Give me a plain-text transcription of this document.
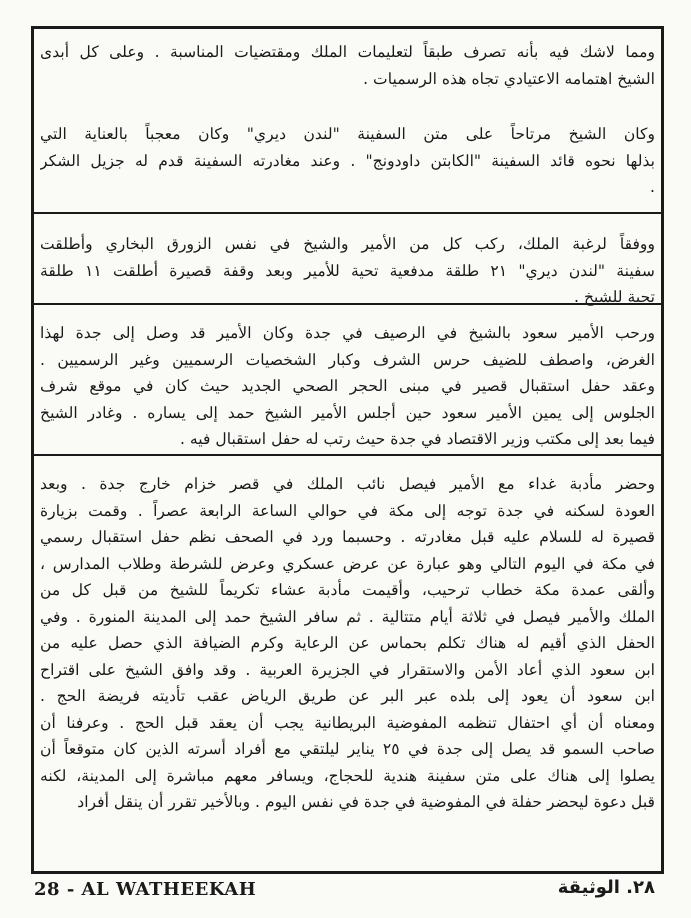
ومما لاشك فيه بأنه تصرف طبقاً لتعليمات الملك ومقتضيات المناسبة . وعلى كل أبدى
الشيخ اهتمامه الاعتيادي تجاه هذه الرسميات .
وكان الشيخ مرتاحاً على متن السفينة "لندن ديري" وكان معجباً بالعناية التي
بذلها نحوه قائد السفينة "الكابتن داودونج" . وعند مغادرته السفينة قدم له جزيل الشكر
.
ووفقاً لرغبة الملك، ركب كل من الأمير والشيخ في نفس الزورق البخاري وأطلقت
سفينة "لندن ديري" ٢١ طلقة مدفعية تحية للأمير وبعد وقفة قصيرة أطلقت ١١ طلقة
تحية للشيخ .
ورحب الأمير سعود بالشيخ في الرصيف في جدة وكان الأمير قد وصل إلى جدة لهذا
الغرض، واصطف للضيف حرس الشرف وكبار الشخصيات الرسميين وغير الرسميين .
وعقد حفل استقبال قصير في مبنى الحجر الصحي الجديد حيث كان في موقع شرف
الجلوس إلى يمين الأمير سعود حين أجلس الأمير الشيخ حمد إلى يساره . وغادر الشيخ
فيما بعد إلى مكتب وزير الاقتصاد في جدة حيث رتب له حفل استقبال فيه .
وحضر مأدبة غداء مع الأمير فيصل نائب الملك في قصر خزام خارج جدة . وبعد
العودة لسكنه في جدة توجه إلى مكة في حوالي الساعة الرابعة عصراً . وقمت بزيارة
قصيرة له للسلام عليه قبل مغادرته . وحسبما ورد في الصحف نظم حفل استقبال رسمي
في مكة في اليوم التالي وهو عبارة عن عرض عسكري وعرض للشرطة وطلاب المدارس ،
وألقى عمدة مكة خطاب ترحيب، وأقيمت مأدبة عشاء تكريماً للشيخ من قبل كل من
الملك والأمير فيصل في ثلاثة أيام متتالية . ثم سافر الشيخ حمد إلى المدينة المنورة . وفي
الحفل الذي أقيم له هناك تكلم بحماس عن الرعاية وكرم الضيافة الذي حصل عليه من
ابن سعود الذي أعاد الأمن والاستقرار في الجزيرة العربية . وقد وافق الشيخ على اقتراح
ابن سعود أن يعود إلى بلده عبر البر عن طريق الرياض عقب تأديته فريضة الحج .
ومعناه أن أي احتفال تنظمه المفوضية البريطانية يجب أن يعقد قبل الحج . وعرفنا أن
صاحب السمو قد يصل إلى جدة في ٢٥ يناير ليلتقي مع أفراد أسرته الذين كان متوقعاً أن
يصلوا إلى هناك على متن سفينة هندية للحجاج، ويسافر معهم مباشرة إلى المدينة، لكنه
قبل دعوة ليحضر حفلة في المفوضية في جدة في نفس اليوم . وبالأخير تقرر أن ينقل أفراد
28 - AL WATHEEKAH	٢٨. الوثيقة
